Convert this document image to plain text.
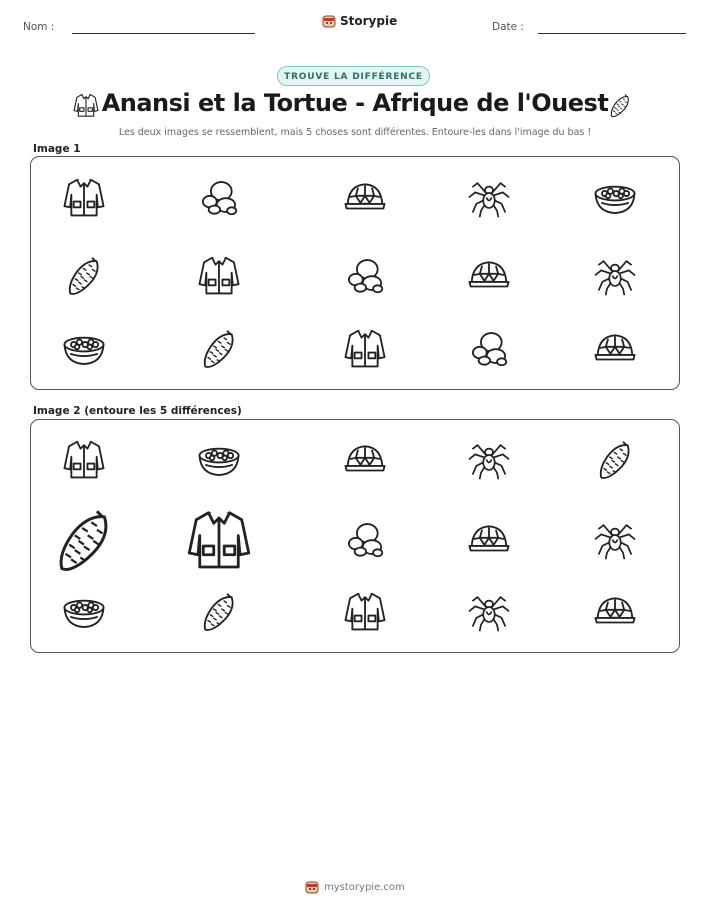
Nom :	Storypie	Date :
TROUVE LA DIFFÉRENCE
Anansi et la Tortue - Afrique de l'Ouest
Les deux images se ressemblent, mais 5 choses sont différentes. Entoure-les dans l'image du bas !
Image 1
Image 2 (entoure les 5 différences)
mystorypie.com
